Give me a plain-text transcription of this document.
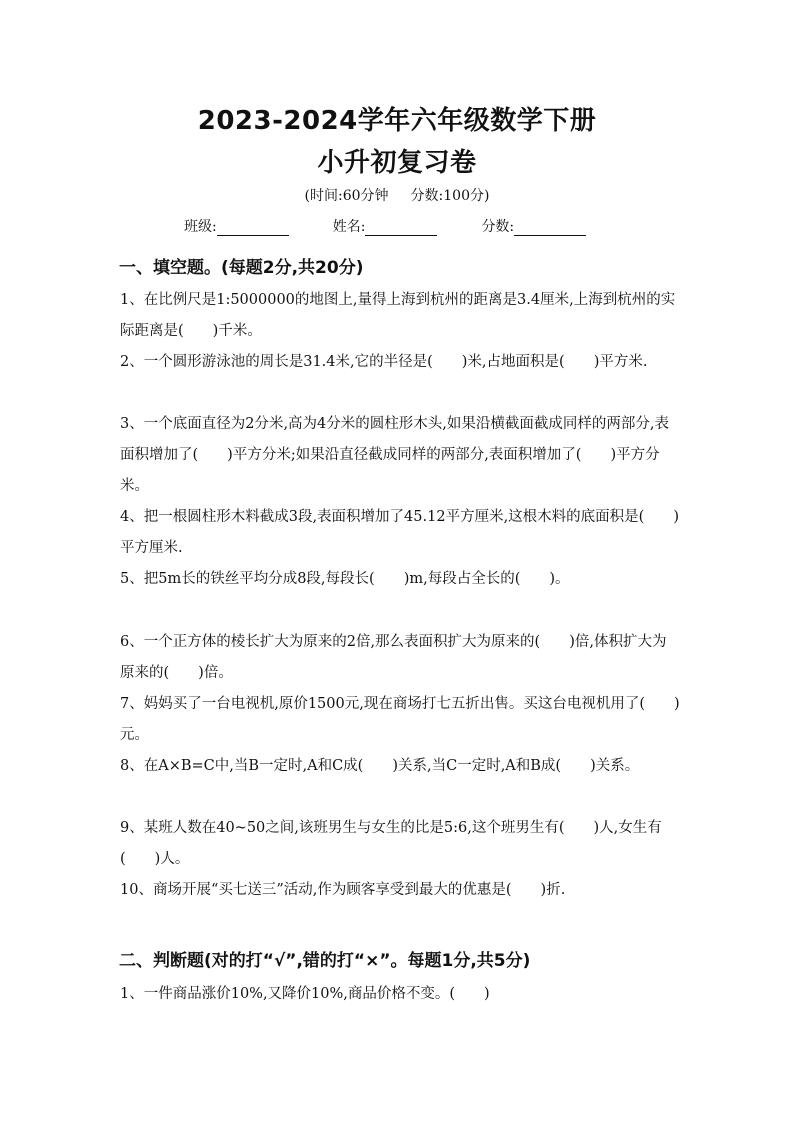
2023-2024学年六年级数学下册
小升初复习卷
(时间:60分钟 分数:100分)
班级:	姓名:	分数:
一、填空题。(每题2分,共20分)
1、在比例尺是1:5000000的地图上,量得上海到杭州的距离是3.4厘米,上海到杭州的实际距离是(　　)千米。
2、一个圆形游泳池的周长是31.4米,它的半径是(　　)米,占地面积是(　　)平方米.
3、一个底面直径为2分米,高为4分米的圆柱形木头,如果沿横截面截成同样的两部分,表面积增加了(　　)平方分米;如果沿直径截成同样的两部分,表面积增加了(　　)平方分米。
4、把一根圆柱形木料截成3段,表面积增加了45.12平方厘米,这根木料的底面积是(　　)平方厘米.
5、把5m长的铁丝平均分成8段,每段长(　　)m,每段占全长的(　　)。
6、一个正方体的棱长扩大为原来的2倍,那么表面积扩大为原来的(　　)倍,体积扩大为原来的(　　)倍。
7、妈妈买了一台电视机,原价1500元,现在商场打七五折出售。买这台电视机用了(　　)元。
8、在A×B=C中,当B一定时,A和C成(　　)关系,当C一定时,A和B成(　　)关系。
9、某班人数在40~50之间,该班男生与女生的比是5:6,这个班男生有(　　)人,女生有(　　)人。
10、商场开展“买七送三”活动,作为顾客享受到最大的优惠是(　　)折.
二、判断题(对的打“√”,错的打“×”。每题1分,共5分)
1、一件商品涨价10%,又降价10%,商品价格不变。(　　)
